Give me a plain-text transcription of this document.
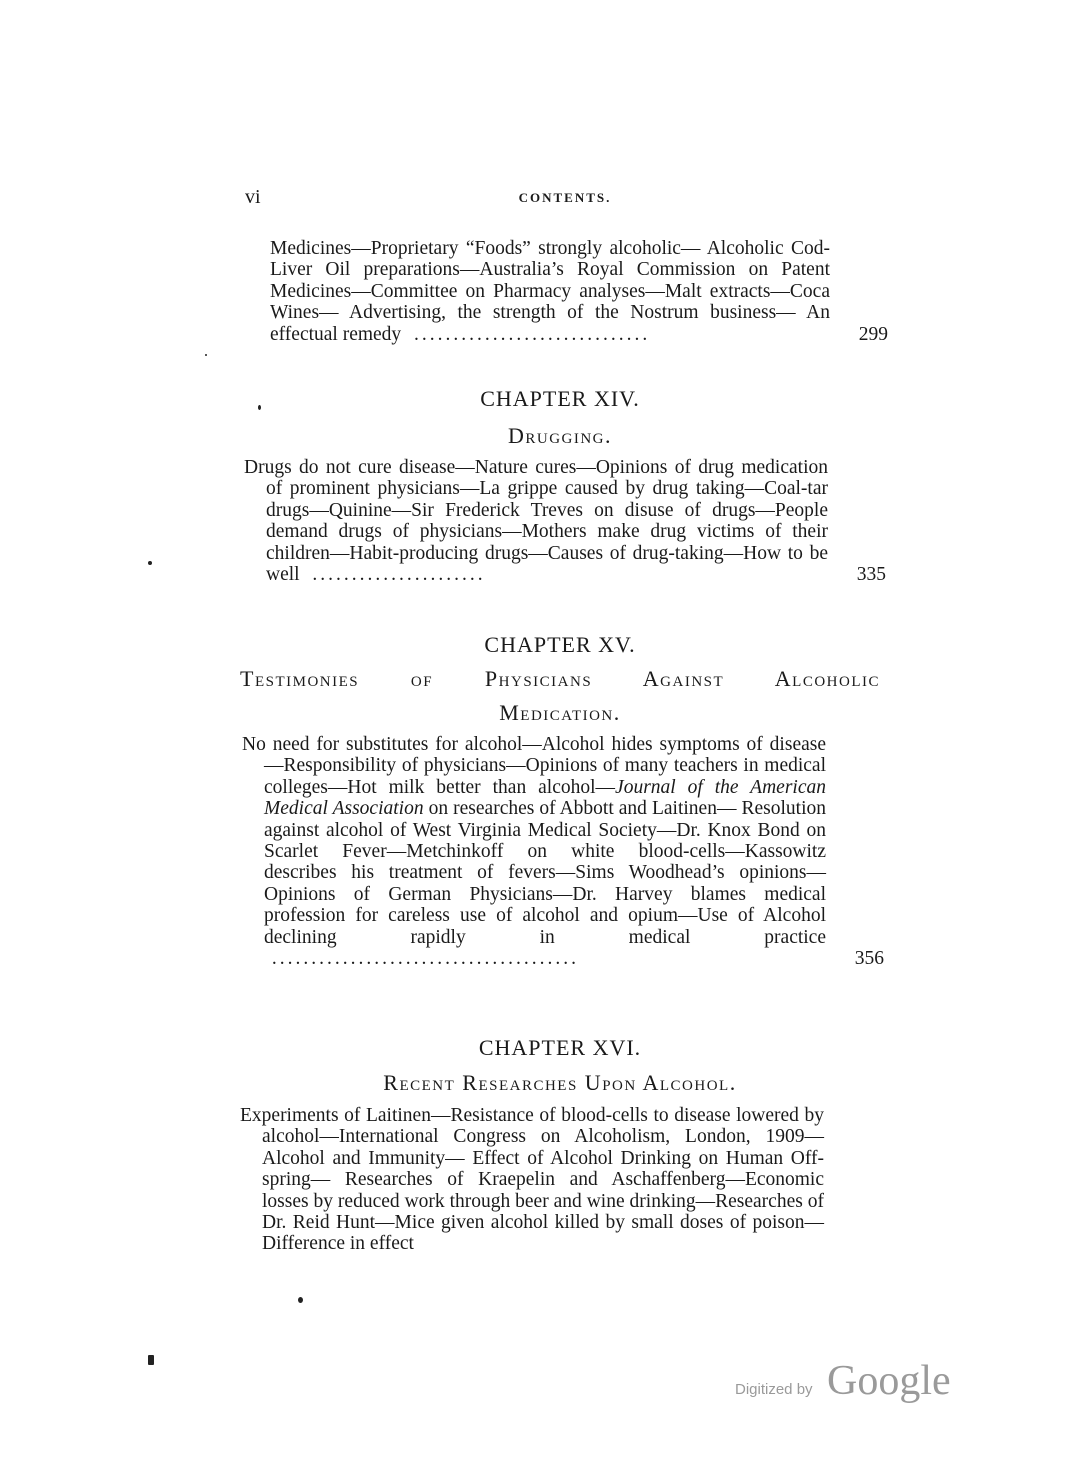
vi	CONTENTS.
Medicines—Proprietary “Foods” strongly alcoholic— Alcoholic Cod-Liver Oil preparations—Australia’s Royal Commission on Patent Medicines—Committee on Pharmacy analyses—Malt extracts—Coca Wines— Advertising, the strength of the Nostrum business— An effectual remedy  ..............................	299
CHAPTER XIV.
Drugging.
Drugs do not cure disease—Nature cures—Opinions of drug medication of prominent physicians—La grippe caused by drug taking—Coal-tar drugs—Quinine—Sir Frederick Treves on disuse of drugs—People demand drugs of physicians—Mothers make drug victims of their children—Habit-producing drugs—Causes of drug-taking—How to be well  ......................	335
CHAPTER XV.
Testimonies of Physicians Against Alcoholic
Medication.
No need for substitutes for alcohol—Alcohol hides symptoms of disease—Responsibility of physicians—Opinions of many teachers in medical colleges—Hot milk better than alcohol—Journal of the American Medical Association on researches of Abbott and Laitinen— Resolution against alcohol of West Virginia Medical Society—Dr. Knox Bond on Scarlet Fever—Metchinkoff on white blood-cells—Kassowitz describes his treatment of fevers—Sims Woodhead’s opinions— Opinions of German Physicians—Dr. Harvey blames medical profession for careless use of alcohol and opium—Use of Alcohol declining rapidly in medical	practice  .......................................	356
CHAPTER XVI.
Recent Researches Upon Alcohol.
Experiments of Laitinen—Resistance of blood-cells to disease lowered by alcohol—International Congress on Alcoholism, London, 1909—Alcohol and Immunity— Effect of Alcohol Drinking on Human Off-spring— Researches of Kraepelin and Aschaffenberg—Economic losses by reduced work through beer and wine drinking—Researches of Dr. Reid Hunt—Mice given alcohol killed by small doses of poison—Difference in effect
Digitized by Google
